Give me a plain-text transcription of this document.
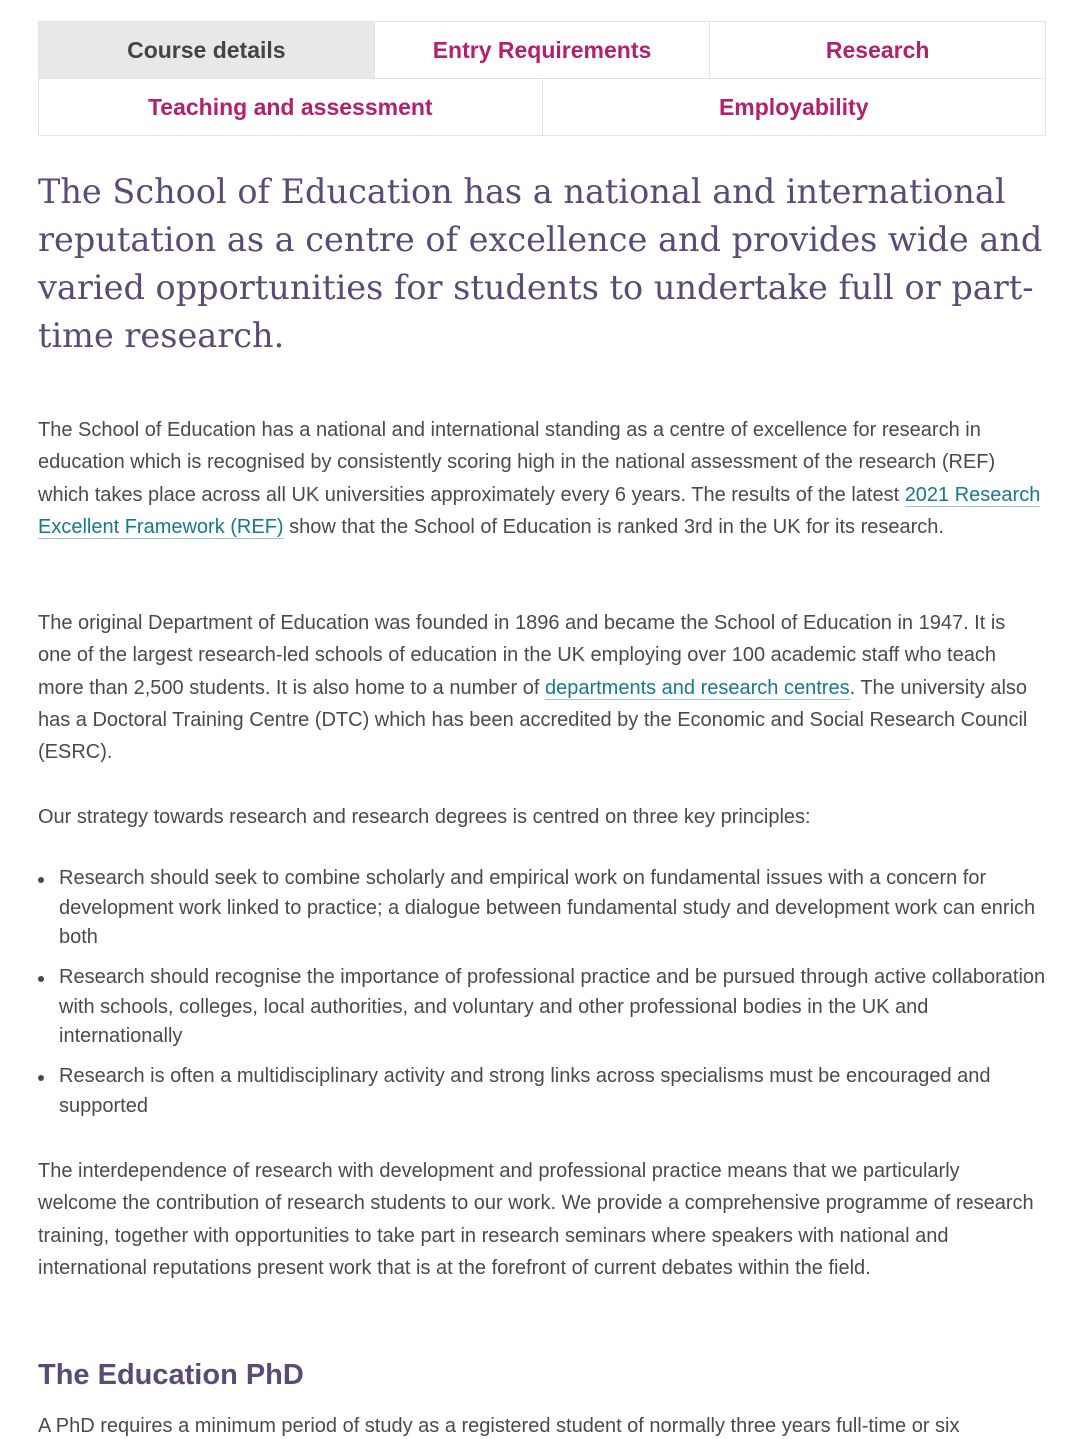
Course details	Entry Requirements	Research
Teaching and assessment	Employability
The School of Education has a national and international reputation as a centre of excellence and provides wide and varied opportunities for students to undertake full or part-time research.

The School of Education has a national and international standing as a centre of excellence for research in education which is recognised by consistently scoring high in the national assessment of the research (REF) which takes place across all UK universities approximately every 6 years. The results of the latest 2021 Research Excellent Framework (REF) show that the School of Education is ranked 3rd in the UK for its research.

The original Department of Education was founded in 1896 and became the School of Education in 1947. It is one of the largest research-led schools of education in the UK employing over 100 academic staff who teach more than 2,500 students. It is also home to a number of departments and research centres. The university also has a Doctoral Training Centre (DTC) which has been accredited by the Economic and Social Research Council (ESRC).

Our strategy towards research and research degrees is centred on three key principles:

Research should seek to combine scholarly and empirical work on fundamental issues with a concern for development work linked to practice; a dialogue between fundamental study and development work can enrich both
Research should recognise the importance of professional practice and be pursued through active collaboration with schools, colleges, local authorities, and voluntary and other professional bodies in the UK and internationally
Research is often a multidisciplinary activity and strong links across specialisms must be encouraged and supported

The interdependence of research with development and professional practice means that we particularly welcome the contribution of research students to our work. We provide a comprehensive programme of research training, together with opportunities to take part in research seminars where speakers with national and international reputations present work that is at the forefront of current debates within the field.

The Education PhD

A PhD requires a minimum period of study as a registered student of normally three years full-time or six
